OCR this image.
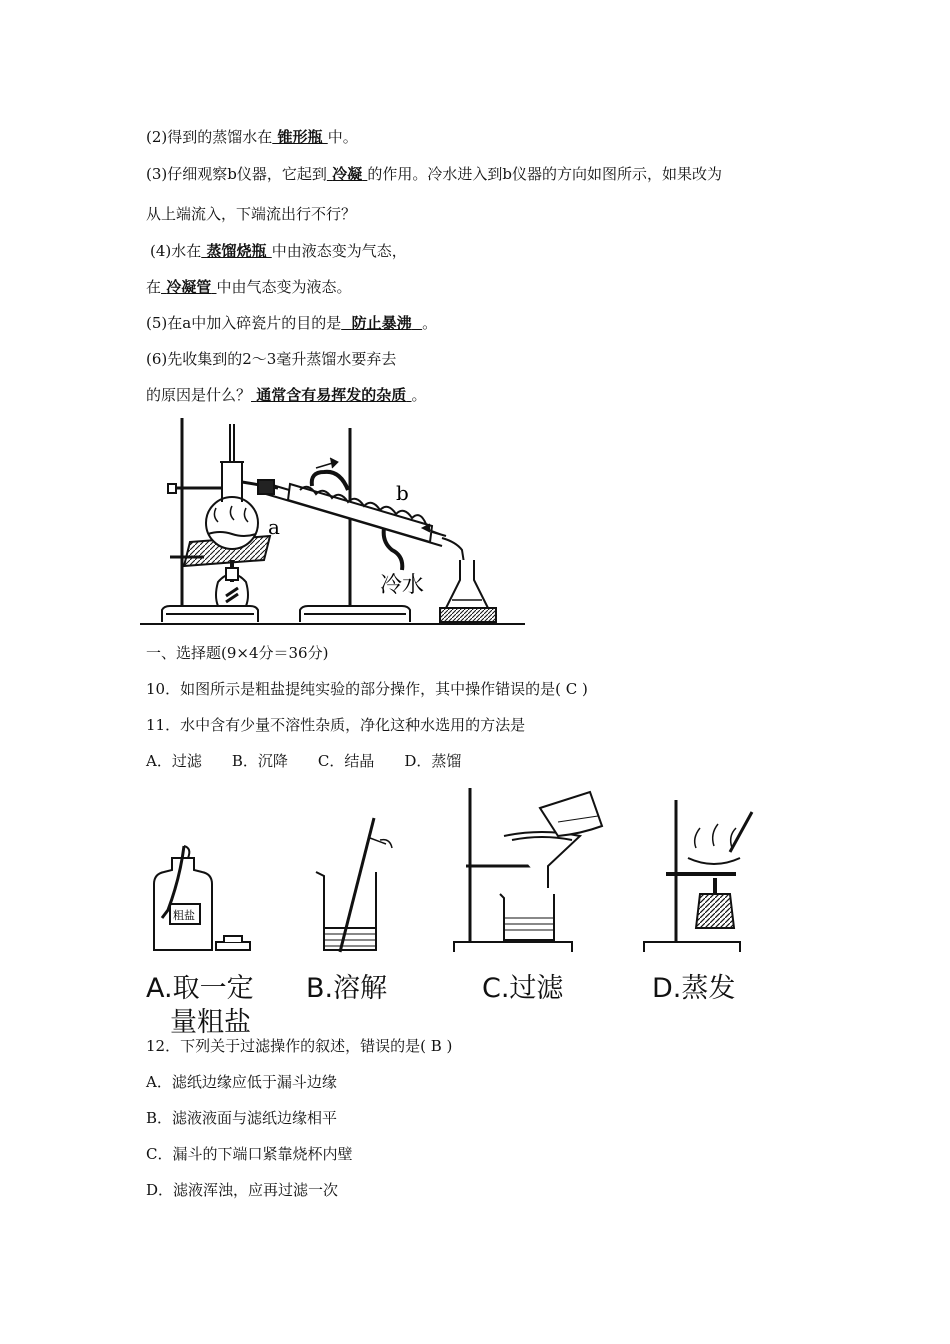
(2)得到的蒸馏水在 锥形瓶 中。
(3)仔细观察b仪器，它起到 冷凝 的作用。冷水进入到b仪器的方向如图所示，如果改为
从上端流入，下端流出行不行？
(4)水在 蒸馏烧瓶 中由液态变为气态，
在 冷凝管 中由气态变为液态。
(5)在a中加入碎瓷片的目的是 防止暴沸 。
(6)先收集到的2～3毫升蒸馏水要弃去
的原因是什么？ 通常含有易挥发的杂质 。
a
b
冷水
一、选择题(9×4分＝36分)
10．如图所示是粗盐提纯实验的部分操作，其中操作错误的是( C )
11．水中含有少量不溶性杂质，净化这种水选用的方法是
A．过滤　　B．沉降　　C．结晶　　D．蒸馏
粗盐
A.取一定
量粗盐
B.溶解	C.过滤	D.蒸发
12．下列关于过滤操作的叙述，错误的是( B )
A．滤纸边缘应低于漏斗边缘
B．滤液液面与滤纸边缘相平
C．漏斗的下端口紧靠烧杯内壁
D．滤液浑浊，应再过滤一次
